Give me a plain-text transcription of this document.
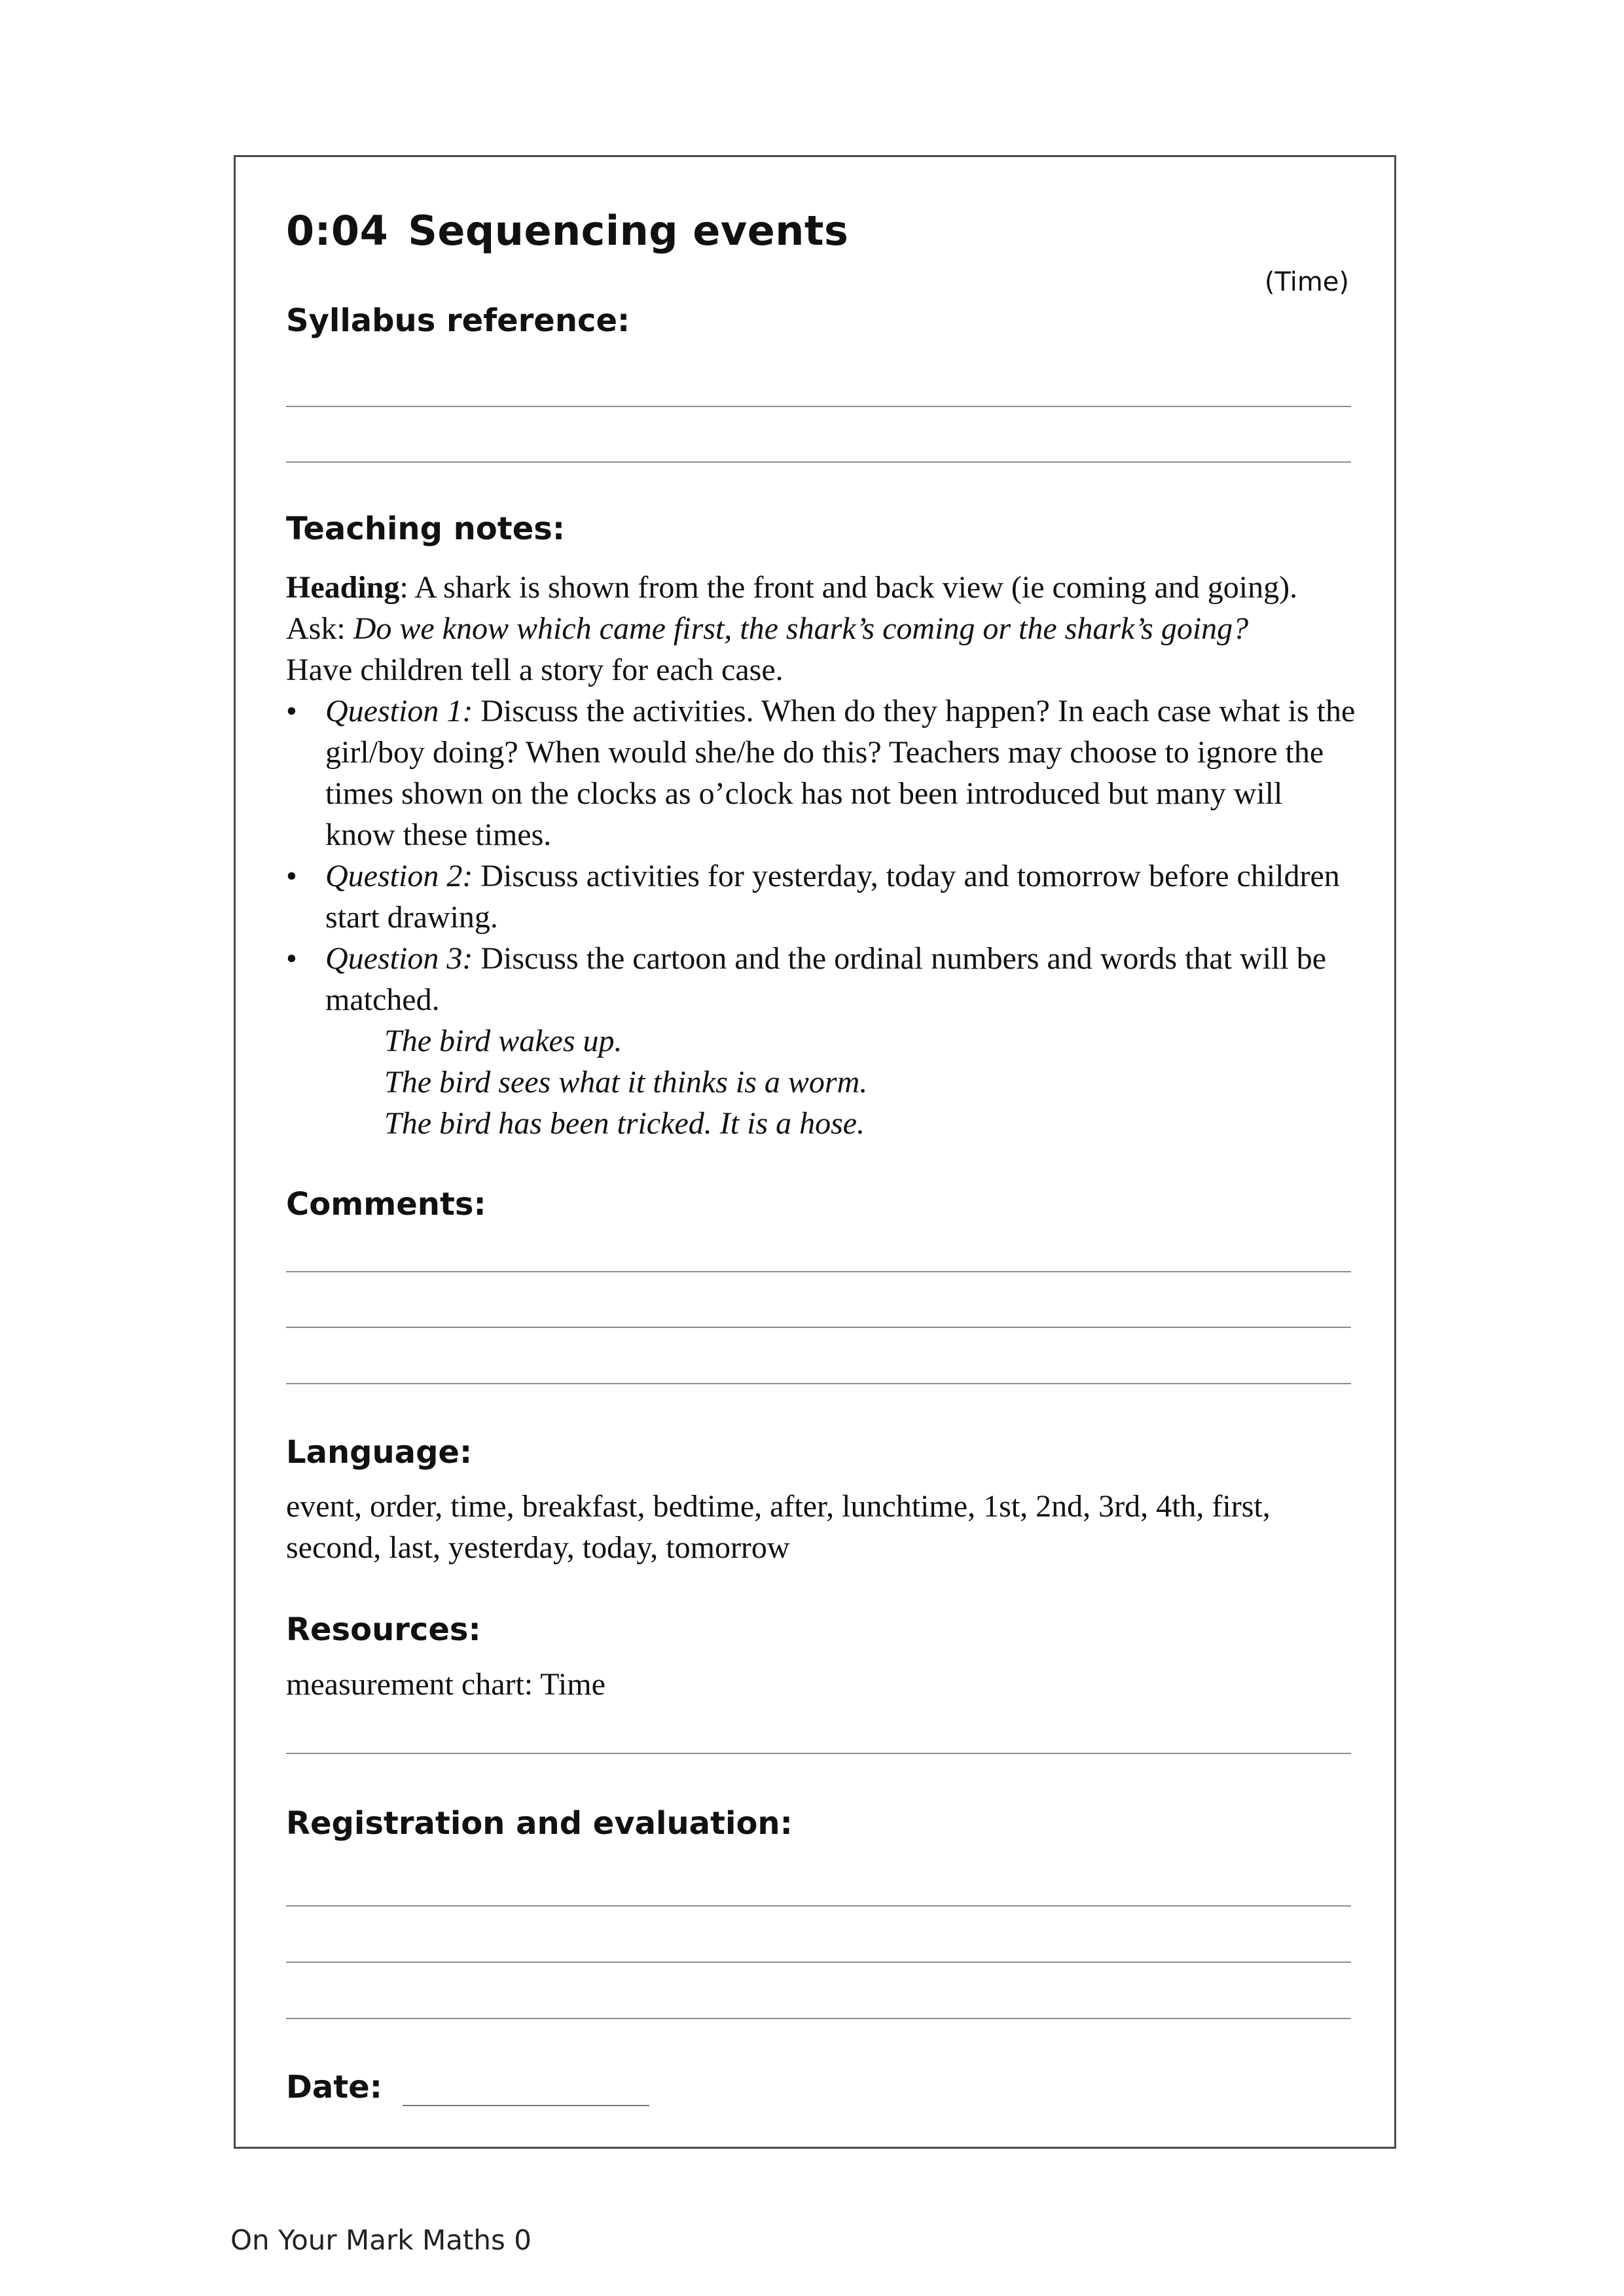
0:04 Sequencing events
(Time)
Syllabus reference:
Teaching notes:

Heading: A shark is shown from the front and back view (ie coming and going).

Ask: Do we know which came first, the shark’s coming or the shark’s going?

Have children tell a story for each case.

• Question 1: Discuss the activities. When do they happen? In each case what is the girl/boy doing? When would she/he do this? Teachers may choose to ignore the times shown on the clocks as o’clock has not been introduced but many will know these times.
• Question 2: Discuss activities for yesterday, today and tomorrow before children start drawing.
• Question 3: Discuss the cartoon and the ordinal numbers and words that will be matched.

The bird wakes up.

The bird sees what it thinks is a worm.

The bird has been tricked. It is a hose.

Comments:
Language:
event, order, time, breakfast, bedtime, after, lunchtime, 1st, 2nd, 3rd, 4th, first, second, last, yesterday, today, tomorrow
Resources:
measurement chart: Time
Registration and evaluation:
Date:
On Your Mark Maths 0
